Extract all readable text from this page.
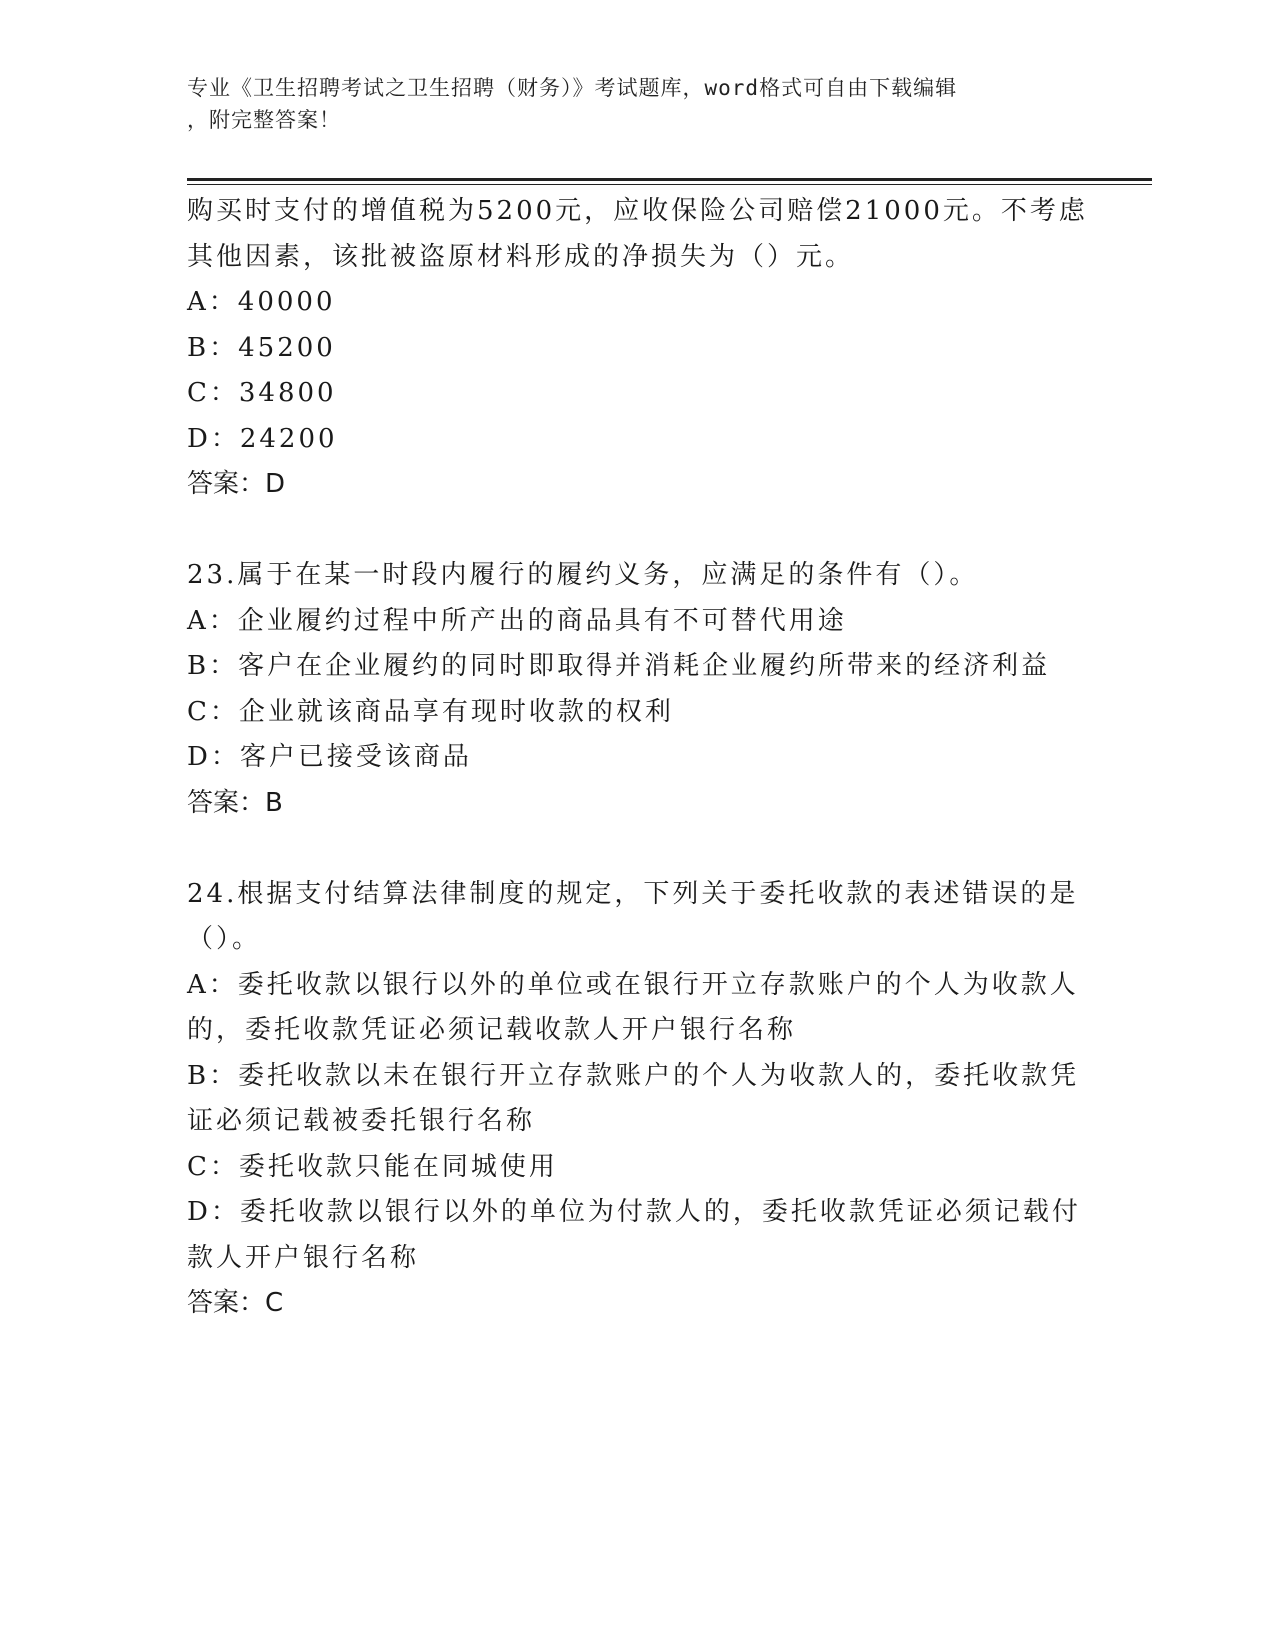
专业《卫生招聘考试之卫生招聘（财务）》考试题库，word格式可自由下载编辑
，附完整答案！
购买时支付的增值税为5200元，应收保险公司赔偿21000元。不考虑
其他因素，该批被盗原材料形成的净损失为（）元。
A：40000
B：45200
C：34800
D：24200
答案：D
23.属于在某一时段内履行的履约义务，应满足的条件有（）。
A：企业履约过程中所产出的商品具有不可替代用途
B：客户在企业履约的同时即取得并消耗企业履约所带来的经济利益
C：企业就该商品享有现时收款的权利
D：客户已接受该商品
答案：B
24.根据支付结算法律制度的规定，下列关于委托收款的表述错误的是
（）。
A：委托收款以银行以外的单位或在银行开立存款账户的个人为收款人
的，委托收款凭证必须记载收款人开户银行名称
B：委托收款以未在银行开立存款账户的个人为收款人的，委托收款凭
证必须记载被委托银行名称
C：委托收款只能在同城使用
D：委托收款以银行以外的单位为付款人的，委托收款凭证必须记载付
款人开户银行名称
答案：C
